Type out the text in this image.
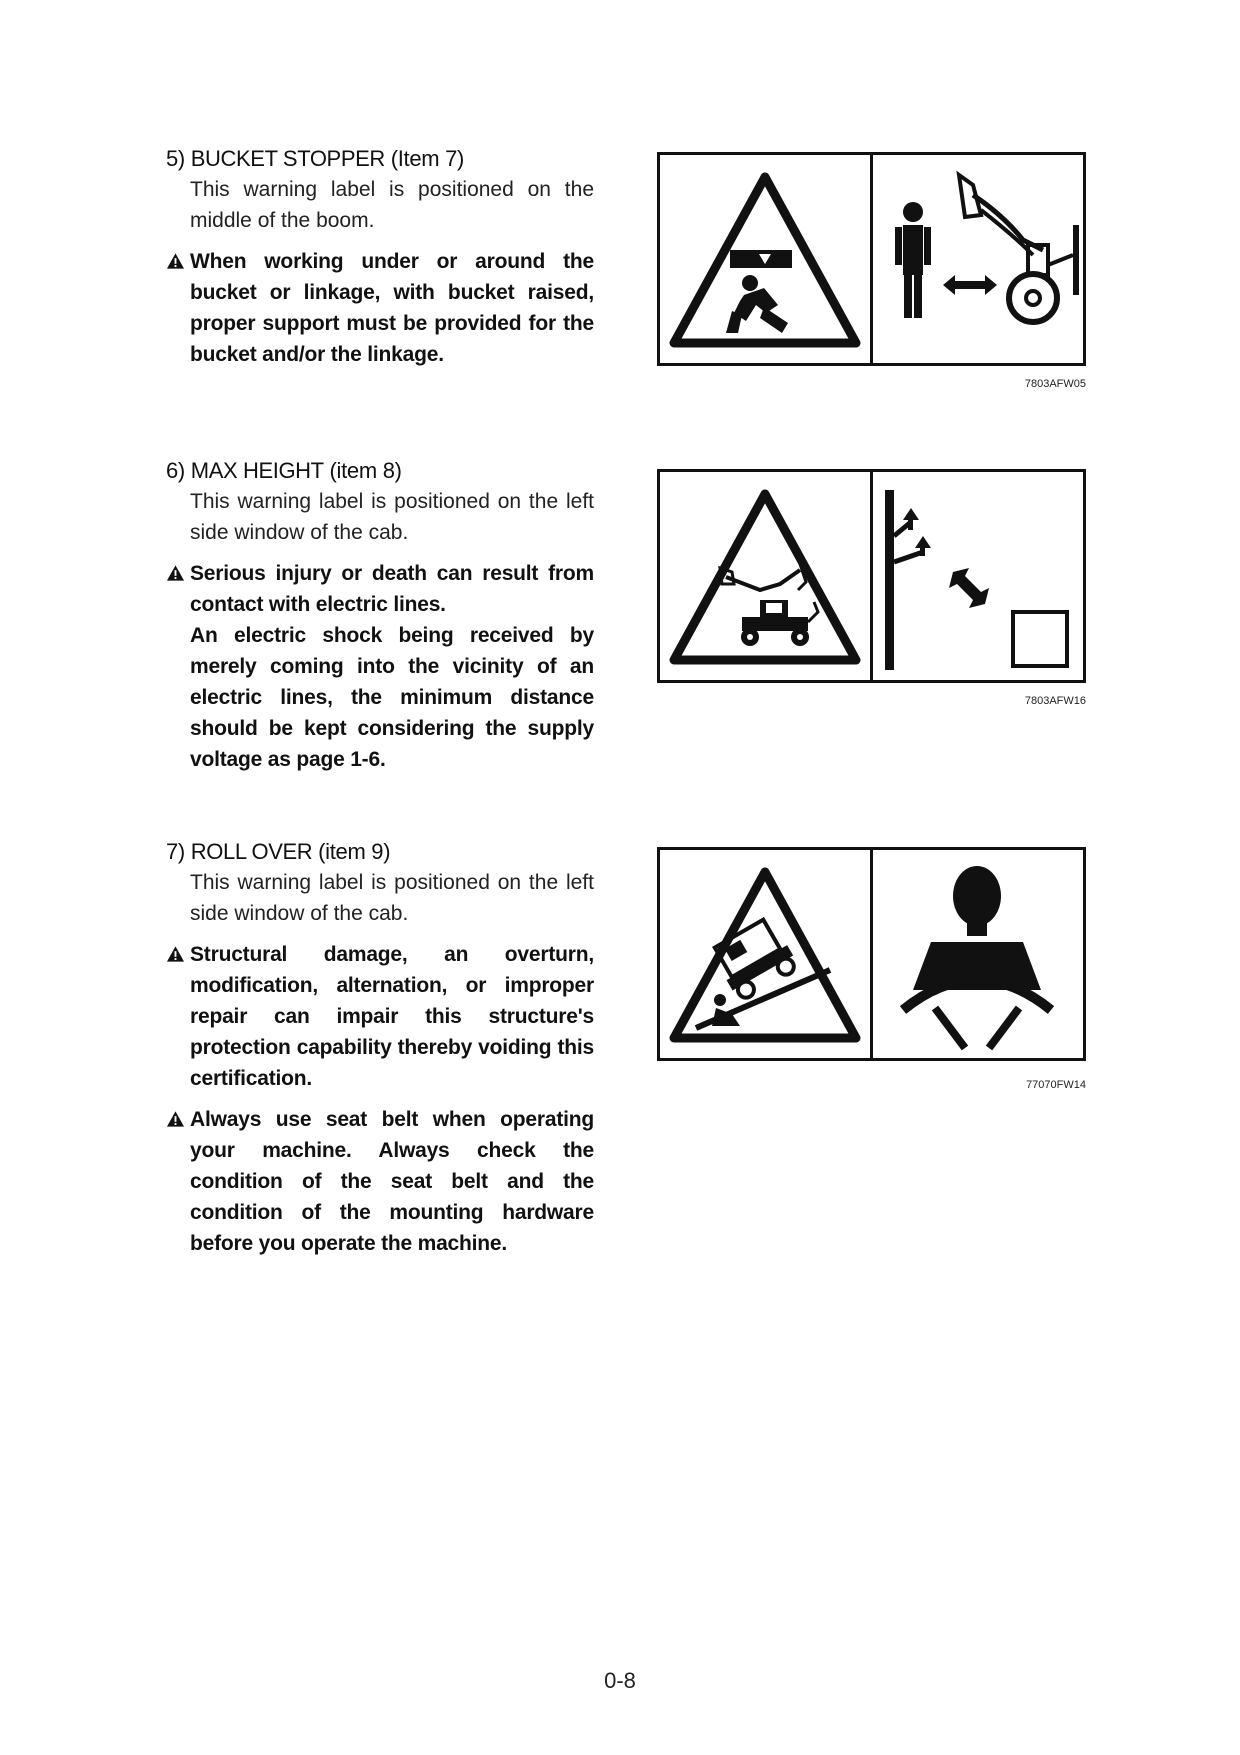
5) BUCKET STOPPER (Item 7)
This warning label is positioned on the middle of the boom.
When working under or around the bucket or linkage, with bucket raised, proper support must be provided for the bucket and/or the linkage.
7803AFW05
6) MAX HEIGHT (item 8)
This warning label is positioned on the left side window of the cab.
Serious injury or death can result from contact with electric lines.
An electric shock being received by merely coming into the vicinity of an electric lines, the minimum distance should be kept considering the supply voltage as page 1-6.
7803AFW16
7) ROLL OVER (item 9)
This warning label is positioned on the left side window of the cab.
Structural damage, an overturn, modification, alternation, or improper repair can impair this structure's protection capability thereby voiding this certification.
Always use seat belt when operating your machine. Always check the condition of the seat belt and the condition of the mounting hardware before you operate the machine.
77070FW14
0-8
